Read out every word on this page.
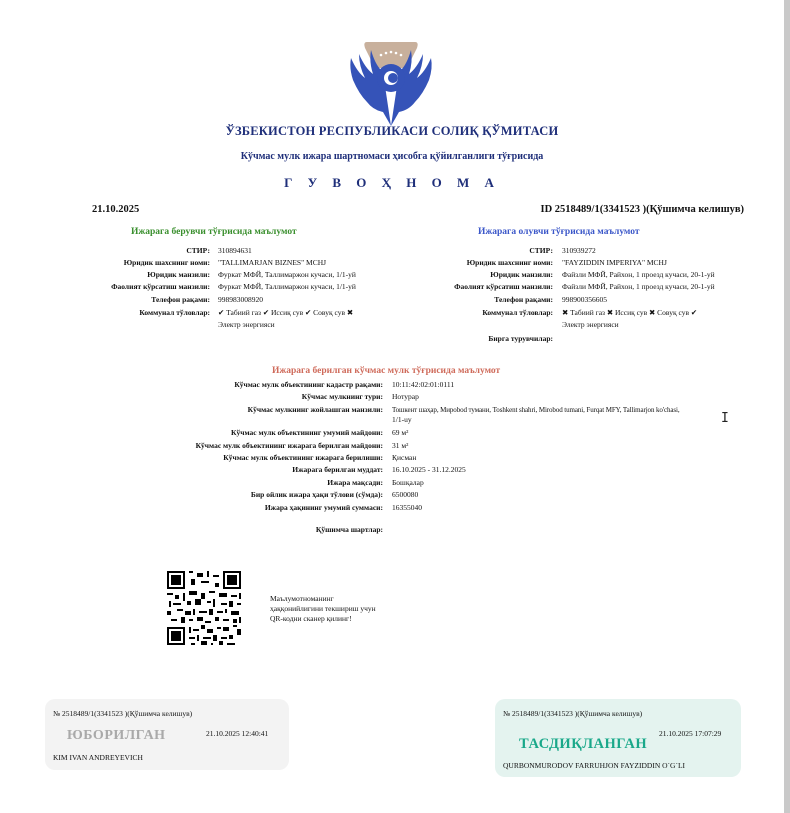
ЎЗБЕКИСТОН РЕСПУБЛИКАСИ СОЛИҚ ҚЎМИТАСИ
Кўчмас мулк ижара шартномаси ҳисобга қўйилганлиги тўғрисида
Г У В О Ҳ Н О М А
21.10.2025	ID 2518489/1(3341523 )(Қўшимча келишув)
Ижарага берувчи тўғрисида маълумот
СТИР: 310894631
Юридик шахснинг номи: "TALLIMARJAN BIZNES" MCHJ
Юридик манзили: Фуркат МФЙ, Таллимаржон кучаси, 1/1-уй
Фаолият кўрсатиш манзили: Фуркат МФЙ, Таллимаржон кучаси, 1/1-уй
Телефон рақами: 998983008920
Коммунал тўловлар: ✔ Табиий газ ✔ Иссиқ сув ✔ Совуқ сув ✖
Электр энергияси
Ижарага олувчи тўғрисида маълумот
СТИР: 310939272
Юридик шахснинг номи: "FAYZIDDIN IMPERIYA" MCHJ
Юридик манзили: Файзли МФЙ, Райхон, 1 проезд кучаси, 20-1-уй
Фаолият кўрсатиш манзили: Файзли МФЙ, Райхон, 1 проезд кучаси, 20-1-уй
Телефон рақами: 998900356605
Коммунал тўловлар: ✖ Табиий газ ✖ Иссиқ сув ✖ Совуқ сув ✔
Электр энергияси
Бирга турувчилар:
Ижарага берилган кўчмас мулк тўғрисида маълумот
Кўчмас мулк объектининг кадастр рақами: 10:11:42:02:01:0111
Кўчмас мулкнинг тури: Нотурар
Кўчмас мулкнинг жойлашган манзили: Тошкент шаҳар, Мирobod тумани, Toshkent shahri, Mirobod tumani, Furqat MFY, Tallimarjon ko'chasi,
1/1-uy
Кўчмас мулк объектининг умумий майдони: 69 м²
Кўчмас мулк объектининг ижарага берилган майдони: 31 м²
Кўчмас мулк объектининг ижарага берилиши: Қисман
Ижарага берилган муддат: 16.10.2025 - 31.12.2025
Ижара мақсади: Бошқалар
Бир ойлик ижара ҳақи тўлови (сўмда): 6500080
Ижара ҳақининг умумий суммаси: 16355040
Қўшимча шартлар:
Маълумотноманинг
ҳаққонийлигини текшириш учун
QR-кодни сканер қилинг!
№ 2518489/1(3341523 )(Қўшимча келишув)
ЮБОРИЛГАН	21.10.2025 12:40:41
KIM IVAN ANDREYEVICH
№ 2518489/1(3341523 )(Қўшимча келишув)
ТАСДИҚЛАНГАН
21.10.2025 17:07:29
QURBONMURODOV FARRUHJON FAYZIDDIN O`G`LI
I
